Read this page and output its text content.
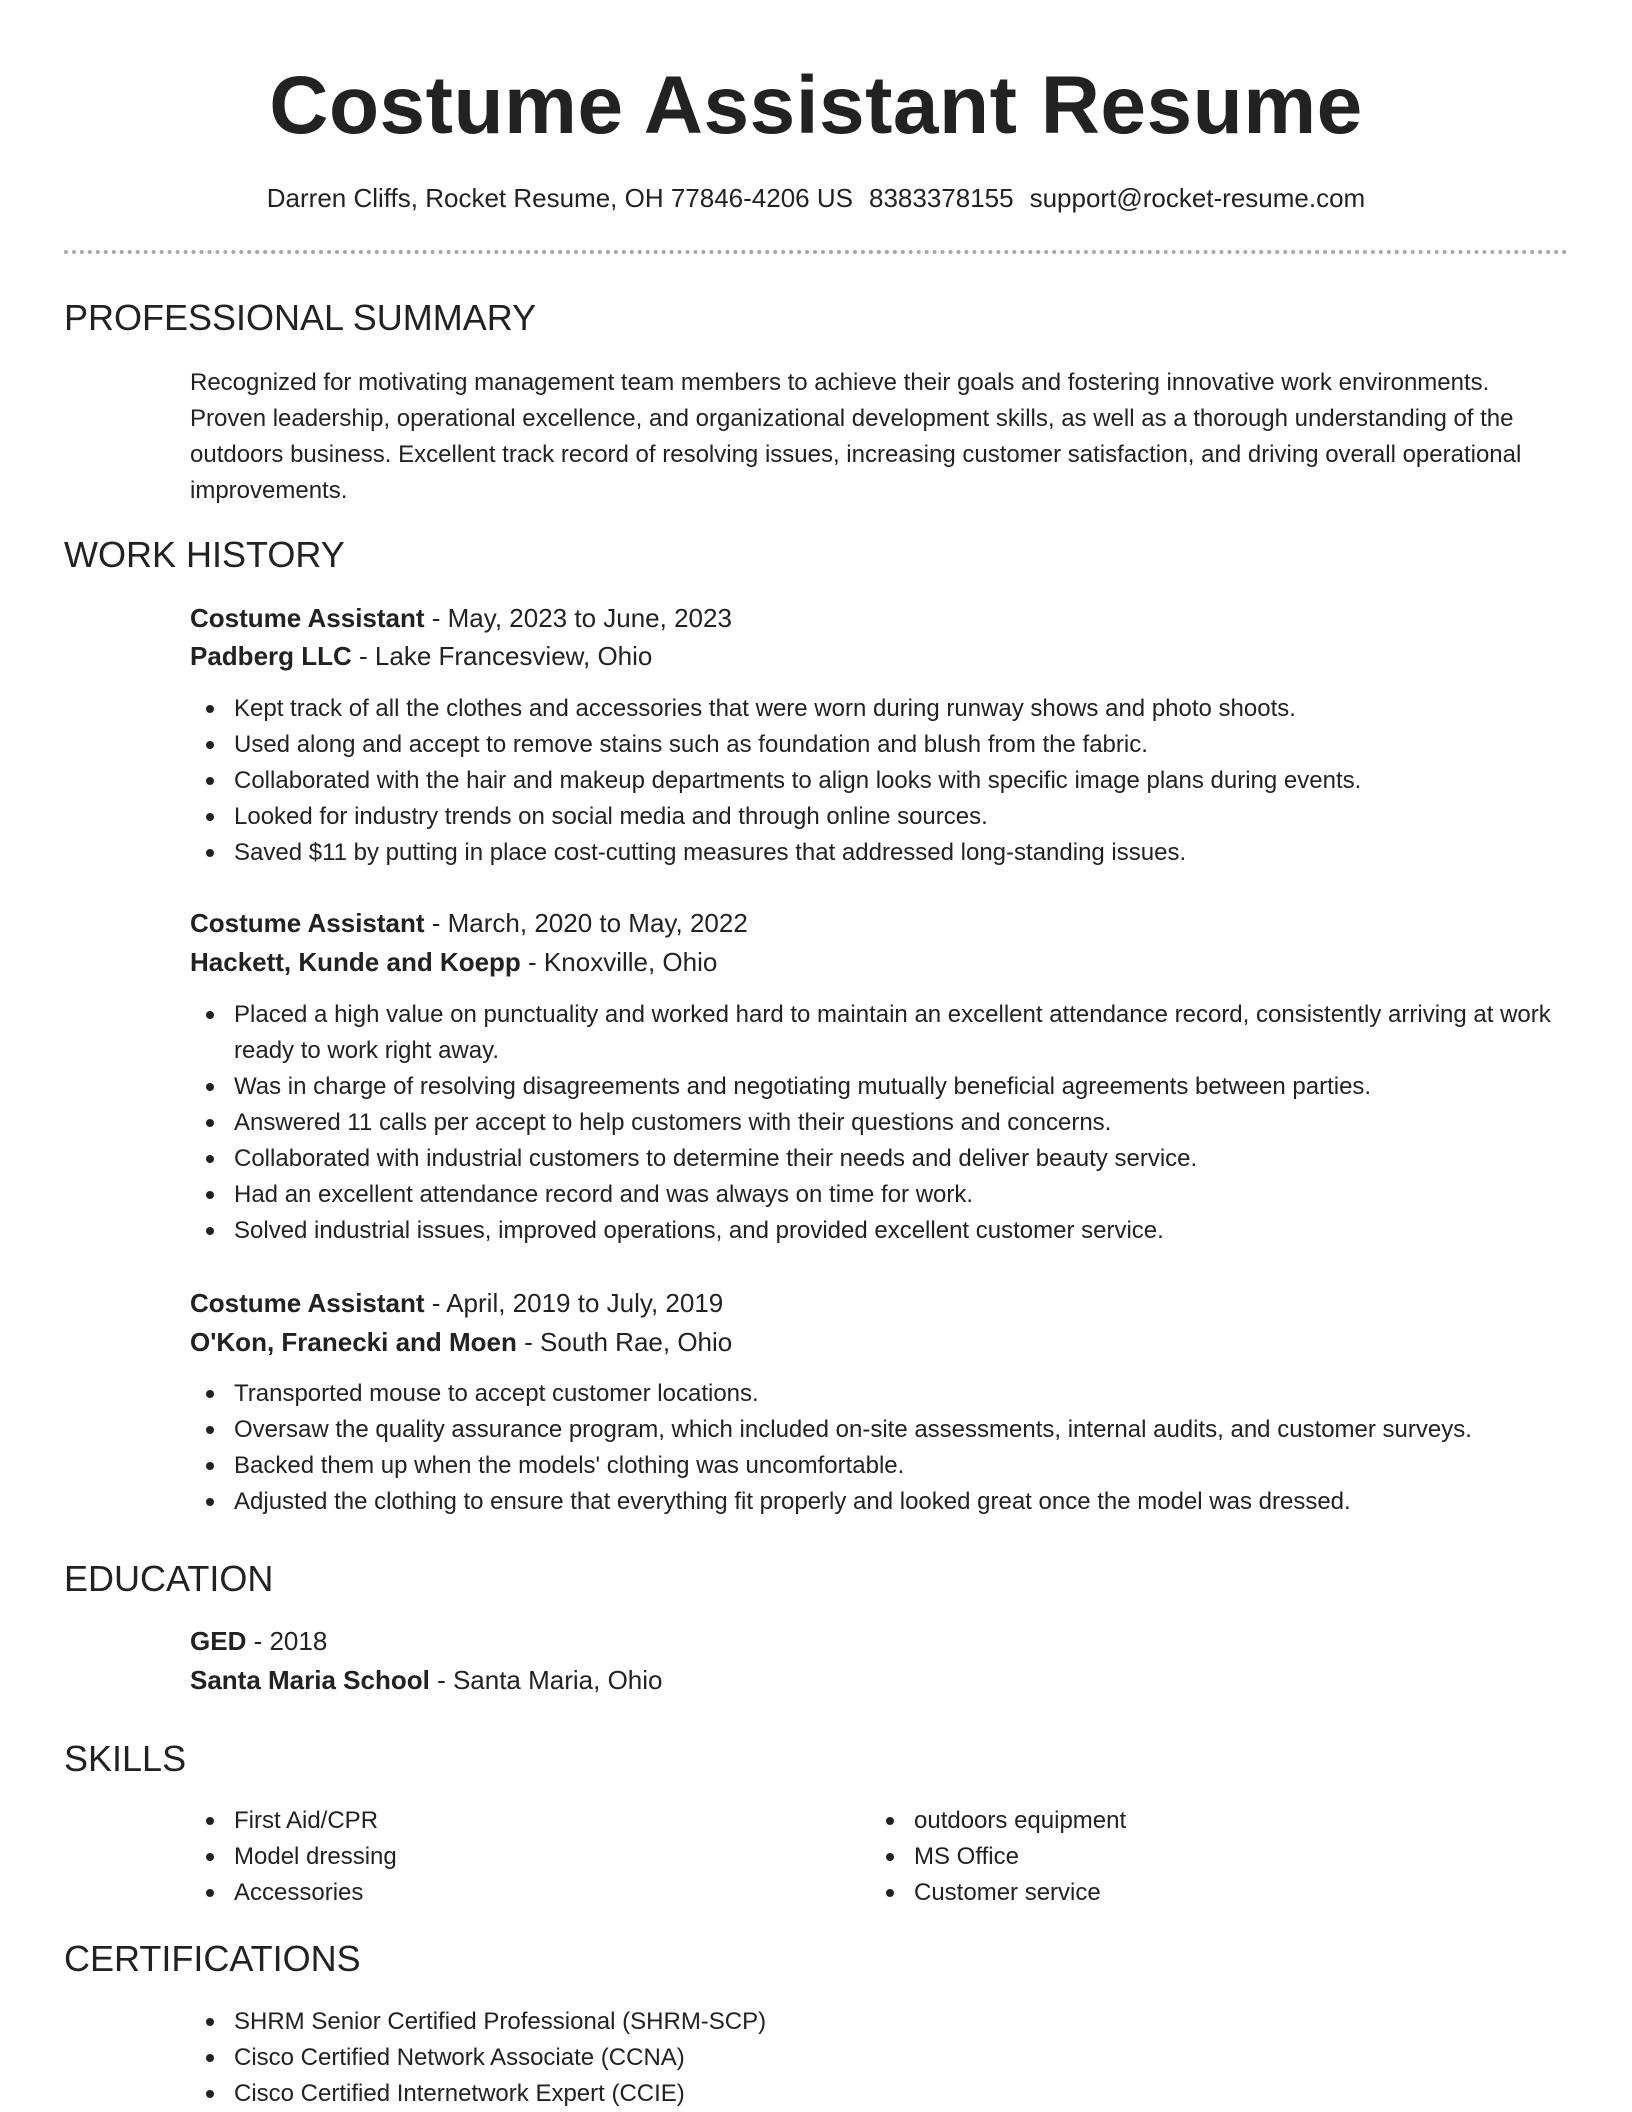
Costume Assistant Resume
Darren Cliffs, Rocket Resume, OH 77846-4206 US 8383378155 support@rocket-resume.com
PROFESSIONAL SUMMARY

Recognized for motivating management team members to achieve their goals and fostering innovative work environments. Proven leadership, operational excellence, and organizational development skills, as well as a thorough understanding of the outdoors business. Excellent track record of resolving issues, increasing customer satisfaction, and driving overall operational improvements.

WORK HISTORY
Costume Assistant - May, 2023 to June, 2023
Padberg LLC - Lake Francesview, Ohio
Kept track of all the clothes and accessories that were worn during runway shows and photo shoots.
Used along and accept to remove stains such as foundation and blush from the fabric.
Collaborated with the hair and makeup departments to align looks with specific image plans during events.
Looked for industry trends on social media and through online sources.
Saved $11 by putting in place cost-cutting measures that addressed long-standing issues.
Costume Assistant - March, 2020 to May, 2022
Hackett, Kunde and Koepp - Knoxville, Ohio
Placed a high value on punctuality and worked hard to maintain an excellent attendance record, consistently arriving at work ready to work right away.
Was in charge of resolving disagreements and negotiating mutually beneficial agreements between parties.
Answered 11 calls per accept to help customers with their questions and concerns.
Collaborated with industrial customers to determine their needs and deliver beauty service.
Had an excellent attendance record and was always on time for work.
Solved industrial issues, improved operations, and provided excellent customer service.
Costume Assistant - April, 2019 to July, 2019
O'Kon, Franecki and Moen - South Rae, Ohio
Transported mouse to accept customer locations.
Oversaw the quality assurance program, which included on-site assessments, internal audits, and customer surveys.
Backed them up when the models' clothing was uncomfortable.
Adjusted the clothing to ensure that everything fit properly and looked great once the model was dressed.
EDUCATION
GED - 2018
Santa Maria School - Santa Maria, Ohio
SKILLS
First Aid/CPR
Model dressing
Accessories
outdoors equipment
MS Office
Customer service
CERTIFICATIONS
SHRM Senior Certified Professional (SHRM-SCP)
Cisco Certified Network Associate (CCNA)
Cisco Certified Internetwork Expert (CCIE)
